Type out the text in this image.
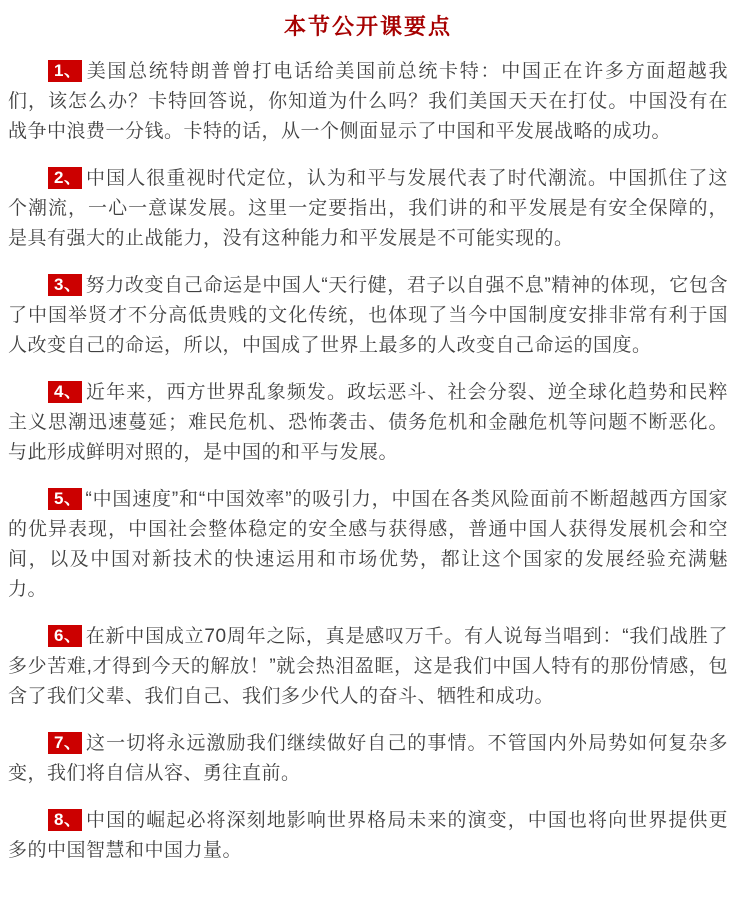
本节公开课要点

1、 美国总统特朗普曾打电话给美国前总统卡特：中国正在许多方面超越我们，该怎么办？卡特回答说，你知道为什么吗？我们美国天天在打仗。中国没有在战争中浪费一分钱。卡特的话，从一个侧面显示了中国和平发展战略的成功。

2、 中国人很重视时代定位，认为和平与发展代表了时代潮流。中国抓住了这个潮流，一心一意谋发展。这里一定要指出，我们讲的和平发展是有安全保障的，是具有强大的止战能力，没有这种能力和平发展是不可能实现的。

3、 努力改变自己命运是中国人“天行健，君子以自强不息”精神的体现，它包含了中国举贤才不分高低贵贱的文化传统，也体现了当今中国制度安排非常有利于国人改变自己的命运，所以，中国成了世界上最多的人改变自己命运的国度。

4、 近年来，西方世界乱象频发。政坛恶斗、社会分裂、逆全球化趋势和民粹主义思潮迅速蔓延；难民危机、恐怖袭击、债务危机和金融危机等问题不断恶化。与此形成鲜明对照的，是中国的和平与发展。

5、 “中国速度”和“中国效率”的吸引力，中国在各类风险面前不断超越西方国家的优异表现，中国社会整体稳定的安全感与获得感，普通中国人获得发展机会和空间，以及中国对新技术的快速运用和市场优势，都让这个国家的发展经验充满魅力。

6、 在新中国成立70周年之际，真是感叹万千。有人说每当唱到：“我们战胜了多少苦难,才得到今天的解放！”就会热泪盈眶，这是我们中国人特有的那份情感，包含了我们父辈、我们自己、我们多少代人的奋斗、牺牲和成功。

7、 这一切将永远激励我们继续做好自己的事情。不管国内外局势如何复杂多变，我们将自信从容、勇往直前。

8、 中国的崛起必将深刻地影响世界格局未来的演变，中国也将向世界提供更多的中国智慧和中国力量。
